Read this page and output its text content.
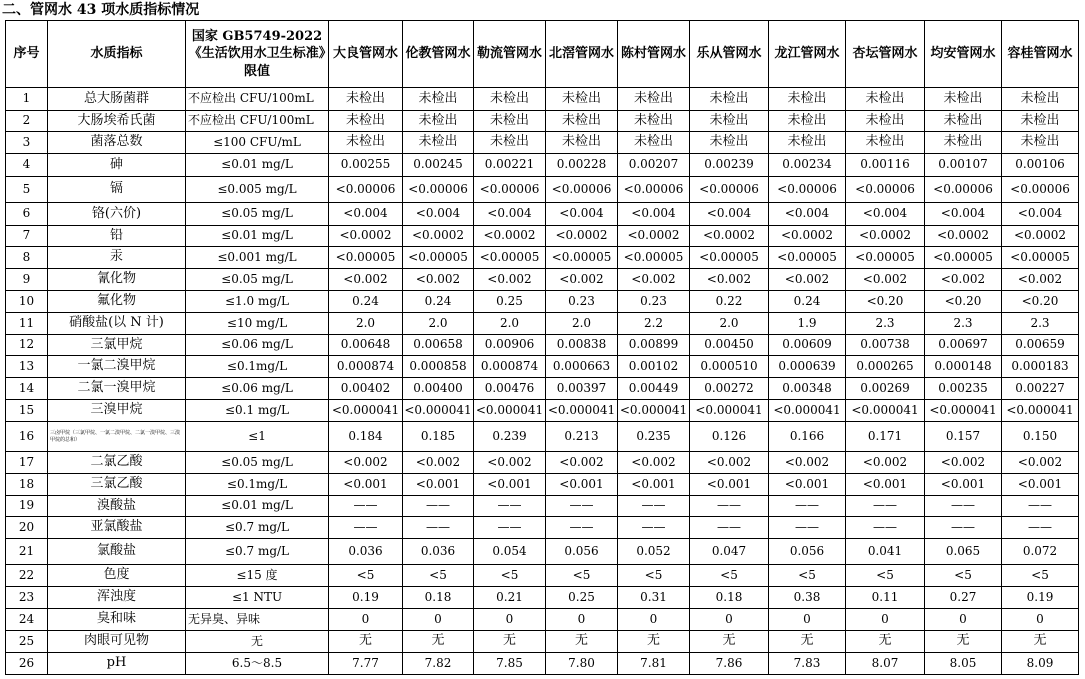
二、管网水 43 项水质指标情况
序号	水质指标	国家 GB5749-2022《生活饮用水卫生标准》限值	大良管网水	伦教管网水	勒流管网水	北滘管网水	陈村管网水	乐从管网水	龙江管网水	杏坛管网水	均安管网水	容桂管网水
1	总大肠菌群	不应检出 CFU/100mL	未检出	未检出	未检出	未检出	未检出	未检出	未检出	未检出	未检出	未检出
2	大肠埃希氏菌	不应检出 CFU/100mL	未检出	未检出	未检出	未检出	未检出	未检出	未检出	未检出	未检出	未检出
3	菌落总数	≤100 CFU/mL	未检出	未检出	未检出	未检出	未检出	未检出	未检出	未检出	未检出	未检出
4	砷	≤0.01 mg/L	0.00255	0.00245	0.00221	0.00228	0.00207	0.00239	0.00234	0.00116	0.00107	0.00106
5	镉	≤0.005 mg/L	<0.00006	<0.00006	<0.00006	<0.00006	<0.00006	<0.00006	<0.00006	<0.00006	<0.00006	<0.00006
6	铬(六价)	≤0.05 mg/L	<0.004	<0.004	<0.004	<0.004	<0.004	<0.004	<0.004	<0.004	<0.004	<0.004
7	铅	≤0.01 mg/L	<0.0002	<0.0002	<0.0002	<0.0002	<0.0002	<0.0002	<0.0002	<0.0002	<0.0002	<0.0002
8	汞	≤0.001 mg/L	<0.00005	<0.00005	<0.00005	<0.00005	<0.00005	<0.00005	<0.00005	<0.00005	<0.00005	<0.00005
9	氰化物	≤0.05 mg/L	<0.002	<0.002	<0.002	<0.002	<0.002	<0.002	<0.002	<0.002	<0.002	<0.002
10	氟化物	≤1.0 mg/L	0.24	0.24	0.25	0.23	0.23	0.22	0.24	<0.20	<0.20	<0.20
11	硝酸盐(以 N 计)	≤10 mg/L	2.0	2.0	2.0	2.0	2.2	2.0	1.9	2.3	2.3	2.3
12	三氯甲烷	≤0.06 mg/L	0.00648	0.00658	0.00906	0.00838	0.00899	0.00450	0.00609	0.00738	0.00697	0.00659
13	一氯二溴甲烷	≤0.1mg/L	0.000874	0.000858	0.000874	0.000663	0.00102	0.000510	0.000639	0.000265	0.000148	0.000183
14	二氯一溴甲烷	≤0.06 mg/L	0.00402	0.00400	0.00476	0.00397	0.00449	0.00272	0.00348	0.00269	0.00235	0.00227
15	三溴甲烷	≤0.1 mg/L	<0.000041	<0.000041	<0.000041	<0.000041	<0.000041	<0.000041	<0.000041	<0.000041	<0.000041	<0.000041
16	三卤甲烷（三氯甲烷、一氯二溴甲烷、二氯一溴甲烷、三溴甲烷的总和）	≤1	0.184	0.185	0.239	0.213	0.235	0.126	0.166	0.171	0.157	0.150
17	二氯乙酸	≤0.05 mg/L	<0.002	<0.002	<0.002	<0.002	<0.002	<0.002	<0.002	<0.002	<0.002	<0.002
18	三氯乙酸	≤0.1mg/L	<0.001	<0.001	<0.001	<0.001	<0.001	<0.001	<0.001	<0.001	<0.001	<0.001
19	溴酸盐	≤0.01 mg/L	——	——	——	——	——	——	——	——	——	——
20	亚氯酸盐	≤0.7 mg/L	——	——	——	——	——	——	——	——	——	——
21	氯酸盐	≤0.7 mg/L	0.036	0.036	0.054	0.056	0.052	0.047	0.056	0.041	0.065	0.072
22	色度	≤15 度	<5	<5	<5	<5	<5	<5	<5	<5	<5	<5
23	浑浊度	≤1 NTU	0.19	0.18	0.21	0.25	0.31	0.18	0.38	0.11	0.27	0.19
24	臭和味	无异臭、异味	0	0	0	0	0	0	0	0	0	0
25	肉眼可见物	无	无	无	无	无	无	无	无	无	无	无
26	pH	6.5～8.5	7.77	7.82	7.85	7.80	7.81	7.86	7.83	8.07	8.05	8.09
